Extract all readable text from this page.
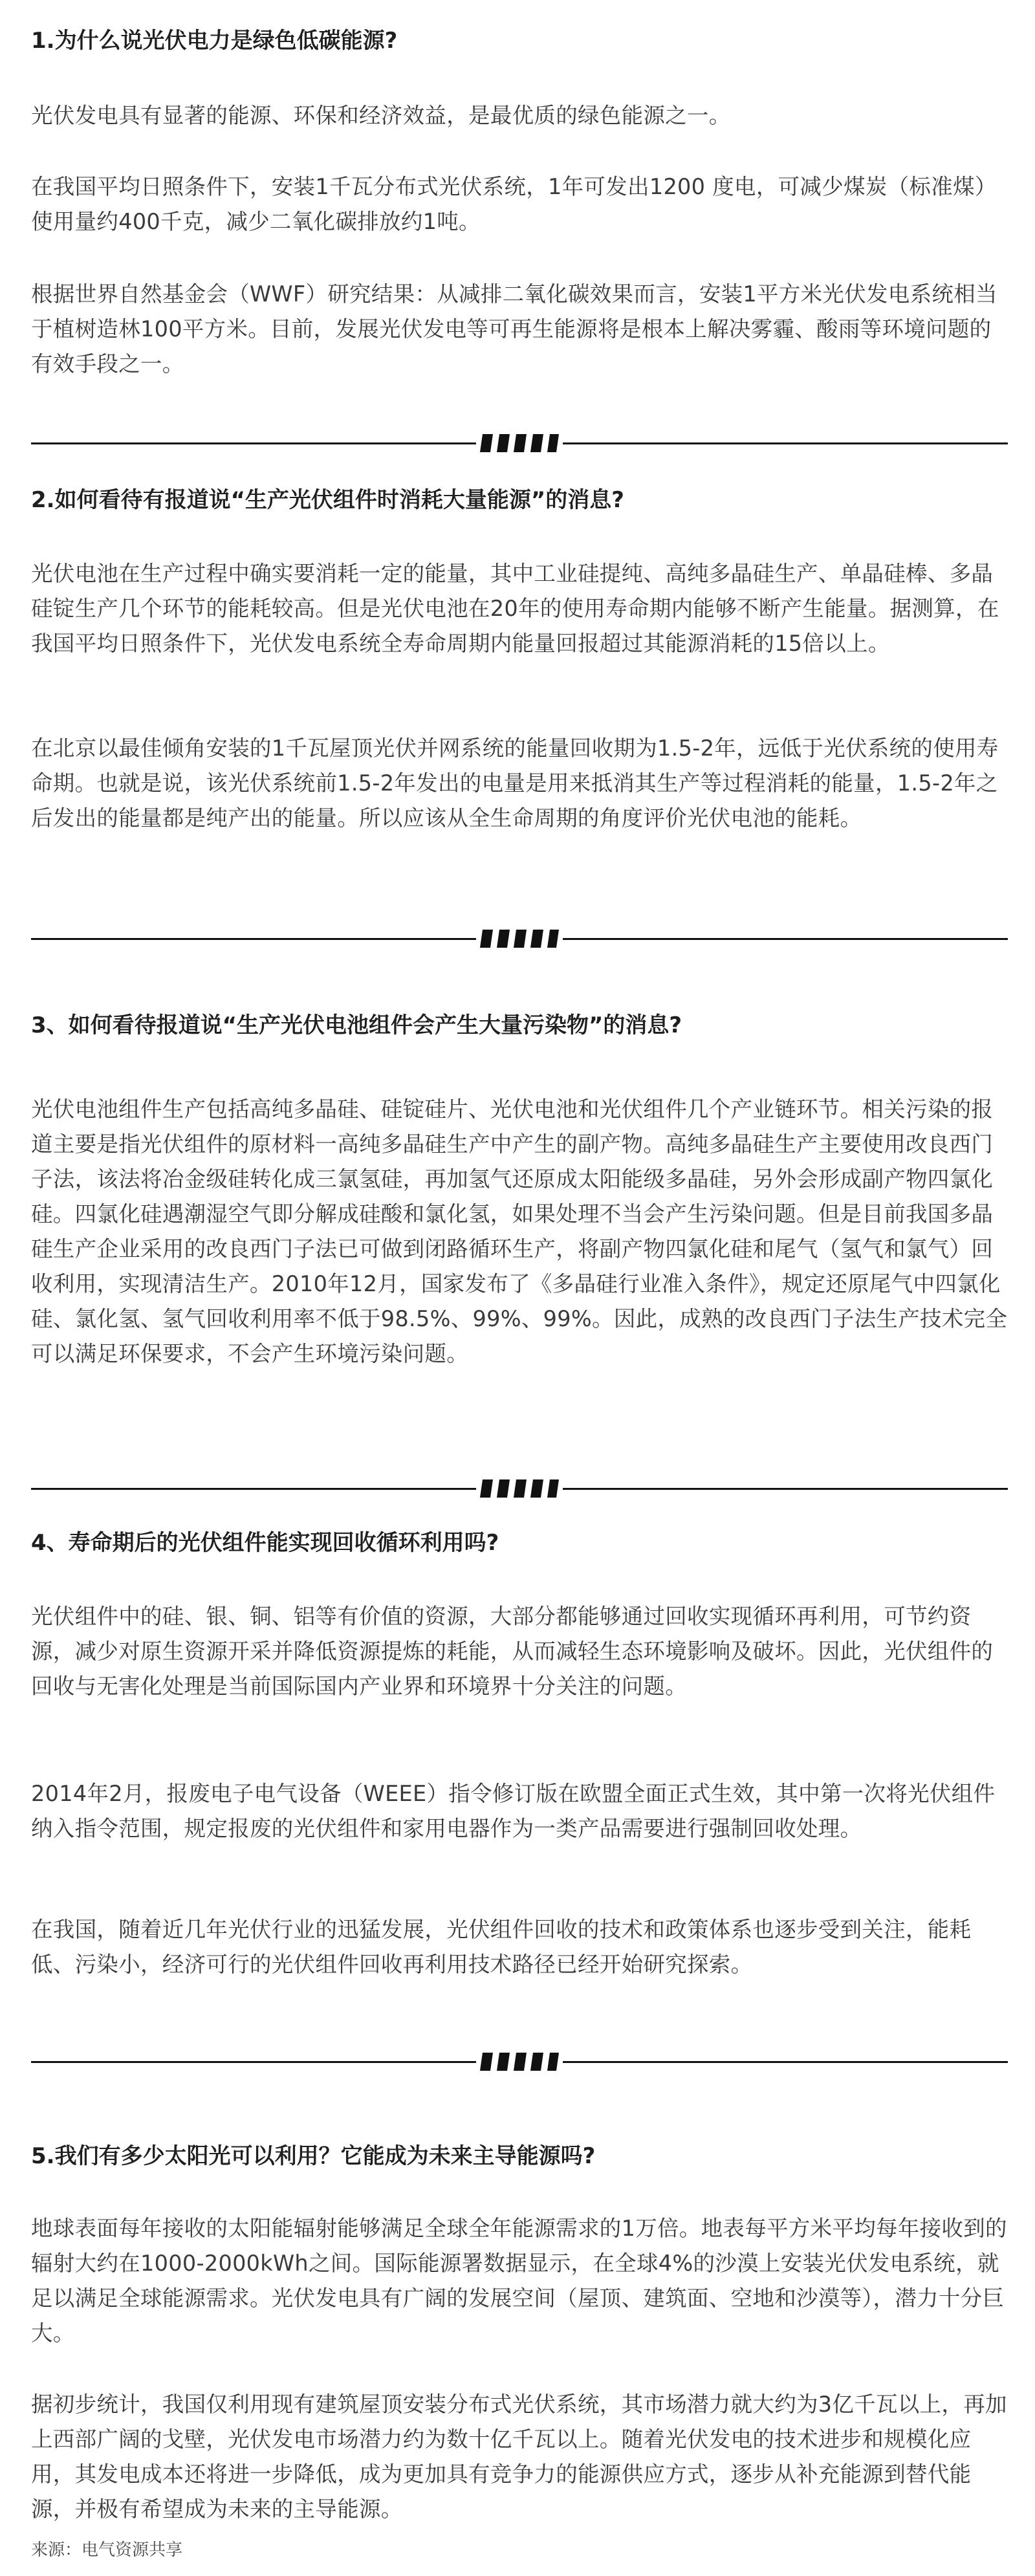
1.为什么说光伏电力是绿色低碳能源?

光伏发电具有显著的能源、环保和经济效益，是最优质的绿色能源之一。

在我国平均日照条件下，安装1千瓦分布式光伏系统，1年可发出1200 度电，可减少煤炭（标准煤）使用量约400千克，减少二氧化碳排放约1吨。

根据世界自然基金会（WWF）研究结果：从减排二氧化碳效果而言，安装1平方米光伏发电系统相当于植树造林100平方米。目前，发展光伏发电等可再生能源将是根本上解决雾霾、酸雨等环境问题的有效手段之一。

2.如何看待有报道说“生产光伏组件时消耗大量能源”的消息?

光伏电池在生产过程中确实要消耗一定的能量，其中工业硅提纯、高纯多晶硅生产、单晶硅棒、多晶硅锭生产几个环节的能耗较高。但是光伏电池在20年的使用寿命期内能够不断产生能量。据测算，在我国平均日照条件下，光伏发电系统全寿命周期内能量回报超过其能源消耗的15倍以上。

在北京以最佳倾角安装的1千瓦屋顶光伏并网系统的能量回收期为1.5-2年，远低于光伏系统的使用寿命期。也就是说，该光伏系统前1.5-2年发出的电量是用来抵消其生产等过程消耗的能量，1.5-2年之后发出的能量都是纯产出的能量。所以应该从全生命周期的角度评价光伏电池的能耗。

3、如何看待报道说“生产光伏电池组件会产生大量污染物”的消息?

光伏电池组件生产包括高纯多晶硅、硅锭硅片、光伏电池和光伏组件几个产业链环节。相关污染的报道主要是指光伏组件的原材料一高纯多晶硅生产中产生的副产物。高纯多晶硅生产主要使用改良西门子法，该法将冶金级硅转化成三氯氢硅，再加氢气还原成太阳能级多晶硅，另外会形成副产物四氯化硅。四氯化硅遇潮湿空气即分解成硅酸和氯化氢，如果处理不当会产生污染问题。但是目前我国多晶硅生产企业采用的改良西门子法已可做到闭路循环生产，将副产物四氯化硅和尾气（氢气和氯气）回收利用，实现清洁生产。2010年12月，国家发布了《多晶硅行业准入条件》，规定还原尾气中四氯化硅、氯化氢、氢气回收利用率不低于98.5%、99%、99%。因此，成熟的改良西门子法生产技术完全可以满足环保要求，不会产生环境污染问题。

4、寿命期后的光伏组件能实现回收循环利用吗?

光伏组件中的硅、银、铜、铝等有价值的资源，大部分都能够通过回收实现循环再利用，可节约资源，减少对原生资源开采并降低资源提炼的耗能，从而减轻生态环境影响及破坏。因此，光伏组件的回收与无害化处理是当前国际国内产业界和环境界十分关注的问题。

2014年2月，报废电子电气设备（WEEE）指令修订版在欧盟全面正式生效，其中第一次将光伏组件纳入指令范围，规定报废的光伏组件和家用电器作为一类产品需要进行强制回收处理。

在我国，随着近几年光伏行业的迅猛发展，光伏组件回收的技术和政策体系也逐步受到关注，能耗低、污染小，经济可行的光伏组件回收再利用技术路径已经开始研究探索。

5.我们有多少太阳光可以利用？它能成为未来主导能源吗?

地球表面每年接收的太阳能辐射能够满足全球全年能源需求的1万倍。地表每平方米平均每年接收到的辐射大约在1000-2000kWh之间。国际能源署数据显示，在全球4%的沙漠上安装光伏发电系统，就足以满足全球能源需求。光伏发电具有广阔的发展空间（屋顶、建筑面、空地和沙漠等），潜力十分巨大。

据初步统计，我国仅利用现有建筑屋顶安装分布式光伏系统，其市场潜力就大约为3亿千瓦以上，再加上西部广阔的戈壁，光伏发电市场潜力约为数十亿千瓦以上。随着光伏发电的技术进步和规模化应用，其发电成本还将进一步降低，成为更加具有竞争力的能源供应方式，逐步从补充能源到替代能源，并极有希望成为未来的主导能源。

来源：电气资源共享
